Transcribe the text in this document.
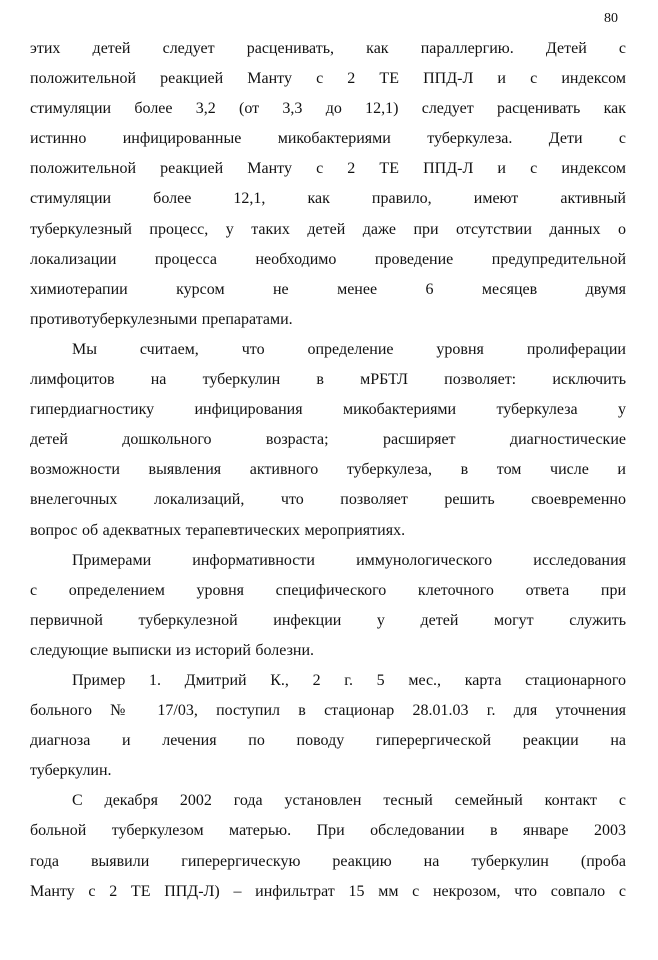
80
этих детей следует расценивать, как параллергию. Детей с
положительной реакцией Манту с 2 ТЕ ППД-Л и с индексом
стимуляции более 3,2 (от 3,3 до 12,1) следует расценивать как
истинно инфицированные микобактериями туберкулеза. Дети с
положительной реакцией Манту с 2 ТЕ ППД-Л и с индексом
стимуляции более 12,1, как правило, имеют активный
туберкулезный процесс, у таких детей даже при отсутствии данных о
локализации процесса необходимо проведение предупредительной
химиотерапии курсом не менее 6 месяцев двумя
противотуберкулезными препаратами.
Мы считаем, что определение уровня пролиферации
лимфоцитов на туберкулин в мРБТЛ позволяет: исключить
гипердиагностику инфицирования микобактериями туберкулеза у
детей дошкольного возраста; расширяет диагностические
возможности выявления активного туберкулеза, в том числе и
внелегочных локализаций, что позволяет решить своевременно
вопрос об адекватных терапевтических мероприятиях.
Примерами информативности иммунологического исследования
с определением уровня специфического клеточного ответа при
первичной туберкулезной инфекции у детей могут служить
следующие выписки из историй болезни.
Пример 1. Дмитрий К., 2 г. 5 мес., карта стационарного
больного № 17/03, поступил в стационар 28.01.03 г. для уточнения
диагноза и лечения по поводу гиперергической реакции на
туберкулин.
С декабря 2002 года установлен тесный семейный контакт с
больной туберкулезом матерью. При обследовании в январе 2003
года выявили гиперергическую реакцию на туберкулин (проба
Манту с 2 ТЕ ППД-Л) – инфильтрат 15 мм с некрозом, что совпало с
